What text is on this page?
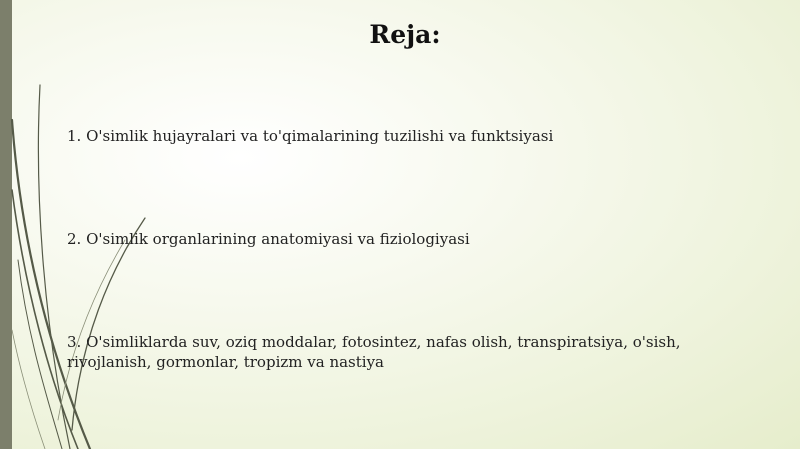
Reja:
1. O'simlik hujayralari va to'qimalarining tuzilishi va funktsiyasi
2. O'simlik organlarining anatomiyasi va fiziologiyasi
3. O'simliklarda suv, oziq moddalar, fotosintez, nafas olish, transpiratsiya, o'sish, rivojlanish, gormonlar, tropizm va nastiya
